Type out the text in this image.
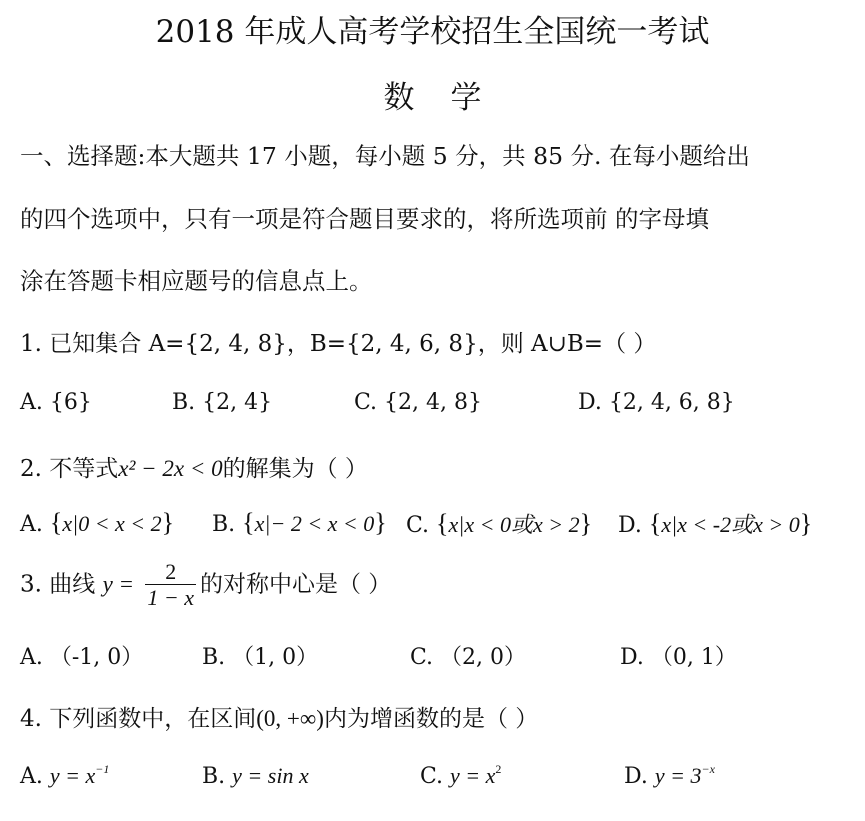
2018 年成人高考学校招生全国统一考试
数 学
一、选择题:本大题共 17 小题，每小题 5 分，共 85 分. 在每小题给出
的四个选项中，只有一项是符合题目要求的，将所选项前 的字母填
涂在答题卡相应题号的信息点上。
1. 已知集合 A={2, 4, 8}，B={2, 4, 6, 8}，则 A∪B=（ ）
A. {6}	B. {2, 4}	C. {2, 4, 8}	D. {2, 4, 6, 8}
2. 不等式x² − 2x < 0的解集为（ ）
A. {x|0 < x < 2} B. {x|− 2 < x < 0} C. {x|x < 0或x > 2} D. {x|x < -2或x > 0}
3. 曲线 $y = \frac{2}{1 - x}$ 的对称中心是（ ）
A. （-1, 0）	B. （1, 0）	C. （2, 0）	D. （0, 1）
4. 下列函数中，在区间(0, +∞)内为增函数的是（ ）
A. $y = x^{-1}$	B. y = sin x	C. $y = x^2$	D. $y = 3^{-x}$
